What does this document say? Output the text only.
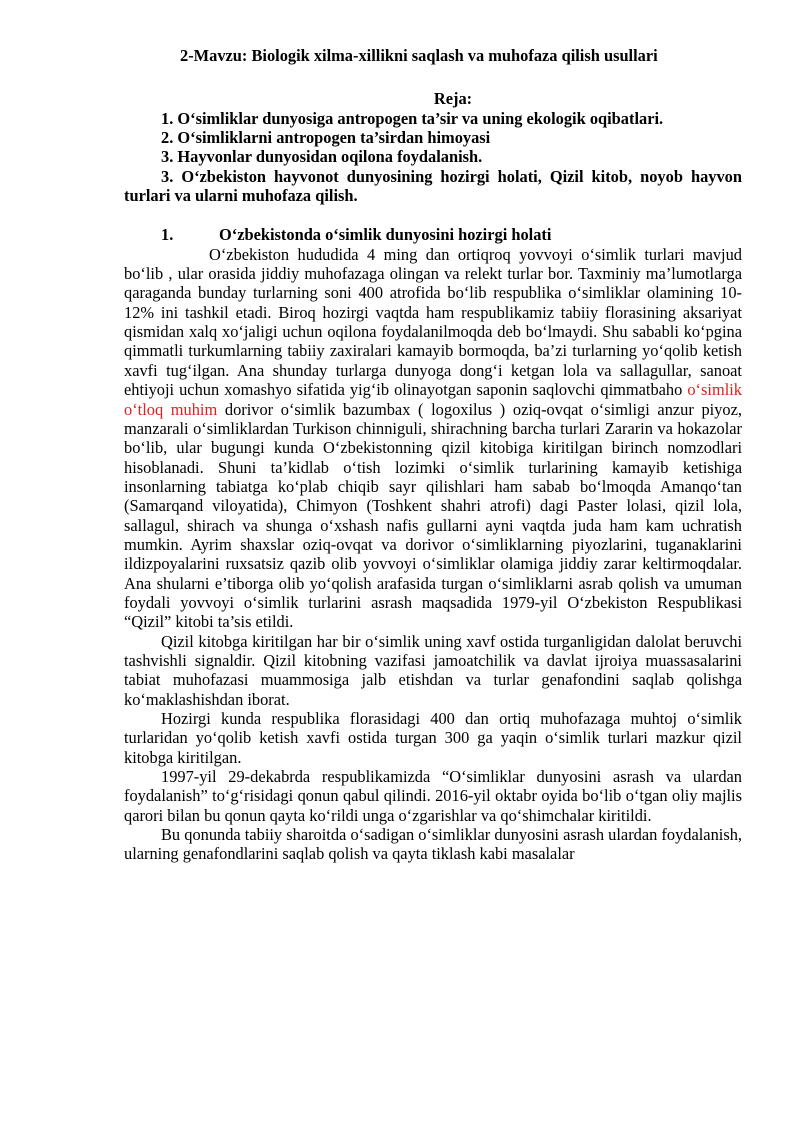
2-Mavzu: Biologik xilma-xillikni saqlash va muhofaza qilish usullari
Reja:

1. O‘simliklar dunyosiga antropogen ta’sir va uning ekologik oqibatlari.

2. O‘simliklarni antropogen ta’sirdan himoyasi

3. Hayvonlar dunyosidan oqilona foydalanish.

3. O‘zbekiston hayvonot dunyosining hozirgi holati, Qizil kitob, noyob hayvon turlari va ularni muhofaza qilish.

1.	O‘zbekistonda o‘simlik dunyosini hozirgi holati

O‘zbekiston hududida 4 ming dan ortiqroq yovvoyi o‘simlik turlari mavjud bo‘lib , ular orasida jiddiy muhofazaga olingan va relekt turlar bor. Taxminiy ma’lumotlarga qaraganda bunday turlarning soni 400 atrofida bo‘lib respublika o‘simliklar olamining 10-12% ini tashkil etadi. Biroq hozirgi vaqtda ham respublikamiz tabiiy florasining aksariyat qismidan xalq xo‘jaligi uchun oqilona foydalanilmoqda deb bo‘lmaydi. Shu sababli ko‘pgina qimmatli turkumlarning tabiiy zaxiralari kamayib bormoqda, ba’zi turlarning yo‘qolib ketish xavfi tug‘ilgan. Ana shunday turlarga dunyoga dong‘i ketgan lola va sallagullar, sanoat ehtiyoji uchun xomashyo sifatida yig‘ib olinayotgan saponin saqlovchi qimmatbaho o‘simlik o‘tloq muhim dorivor o‘simlik bazumbax ( logoxilus ) oziq-ovqat o‘simligi anzur piyoz, manzarali o‘simliklardan Turkison chinniguli, shirachning barcha turlari Zararin va hokazolar bo‘lib, ular bugungi kunda O‘zbekistonning qizil kitobiga kiritilgan birinch nomzodlari hisoblanadi. Shuni ta’kidlab o‘tish lozimki o‘simlik turlarining kamayib ketishiga insonlarning tabiatga ko‘plab chiqib sayr qilishlari ham sabab bo‘lmoqda Amanqo‘tan (Samarqand viloyatida), Chimyon (Toshkent shahri atrofi) dagi Paster lolasi, qizil lola, sallagul, shirach va shunga o‘xshash nafis gullarni ayni vaqtda juda ham kam uchratish mumkin. Ayrim shaxslar oziq-ovqat va dorivor o‘simliklarning piyozlarini, tuganaklarini ildizpoyalarini ruxsatsiz qazib olib yovvoyi o‘simliklar olamiga jiddiy zarar keltirmoqdalar. Ana shularni e’tiborga olib yo‘qolish arafasida turgan o‘simliklarni asrab qolish va umuman foydali yovvoyi o‘simlik turlarini asrash maqsadida 1979-yil O‘zbekiston Respublikasi “Qizil” kitobi ta’sis etildi.

Qizil kitobga kiritilgan har bir o‘simlik uning xavf ostida turganligidan dalolat beruvchi tashvishli signaldir. Qizil kitobning vazifasi jamoatchilik va davlat ijroiya muassasalarini tabiat muhofazasi muammosiga jalb etishdan va turlar genafondini saqlab qolishga ko‘maklashishdan iborat.

Hozirgi kunda respublika florasidagi 400 dan ortiq muhofazaga muhtoj o‘simlik turlaridan yo‘qolib ketish xavfi ostida turgan 300 ga yaqin o‘simlik turlari mazkur qizil kitobga kiritilgan.

1997-yil 29-dekabrda respublikamizda “O‘simliklar dunyosini asrash va ulardan foydalanish” to‘g‘risidagi qonun qabul qilindi. 2016-yil oktabr oyida bo‘lib o‘tgan oliy majlis qarori bilan bu qonun qayta ko‘rildi unga o‘zgarishlar va qo‘shimchalar kiritildi.

Bu qonunda tabiiy sharoitda o‘sadigan o‘simliklar dunyosini asrash ulardan foydalanish, ularning genafondlarini saqlab qolish va qayta tiklash kabi masalalar
